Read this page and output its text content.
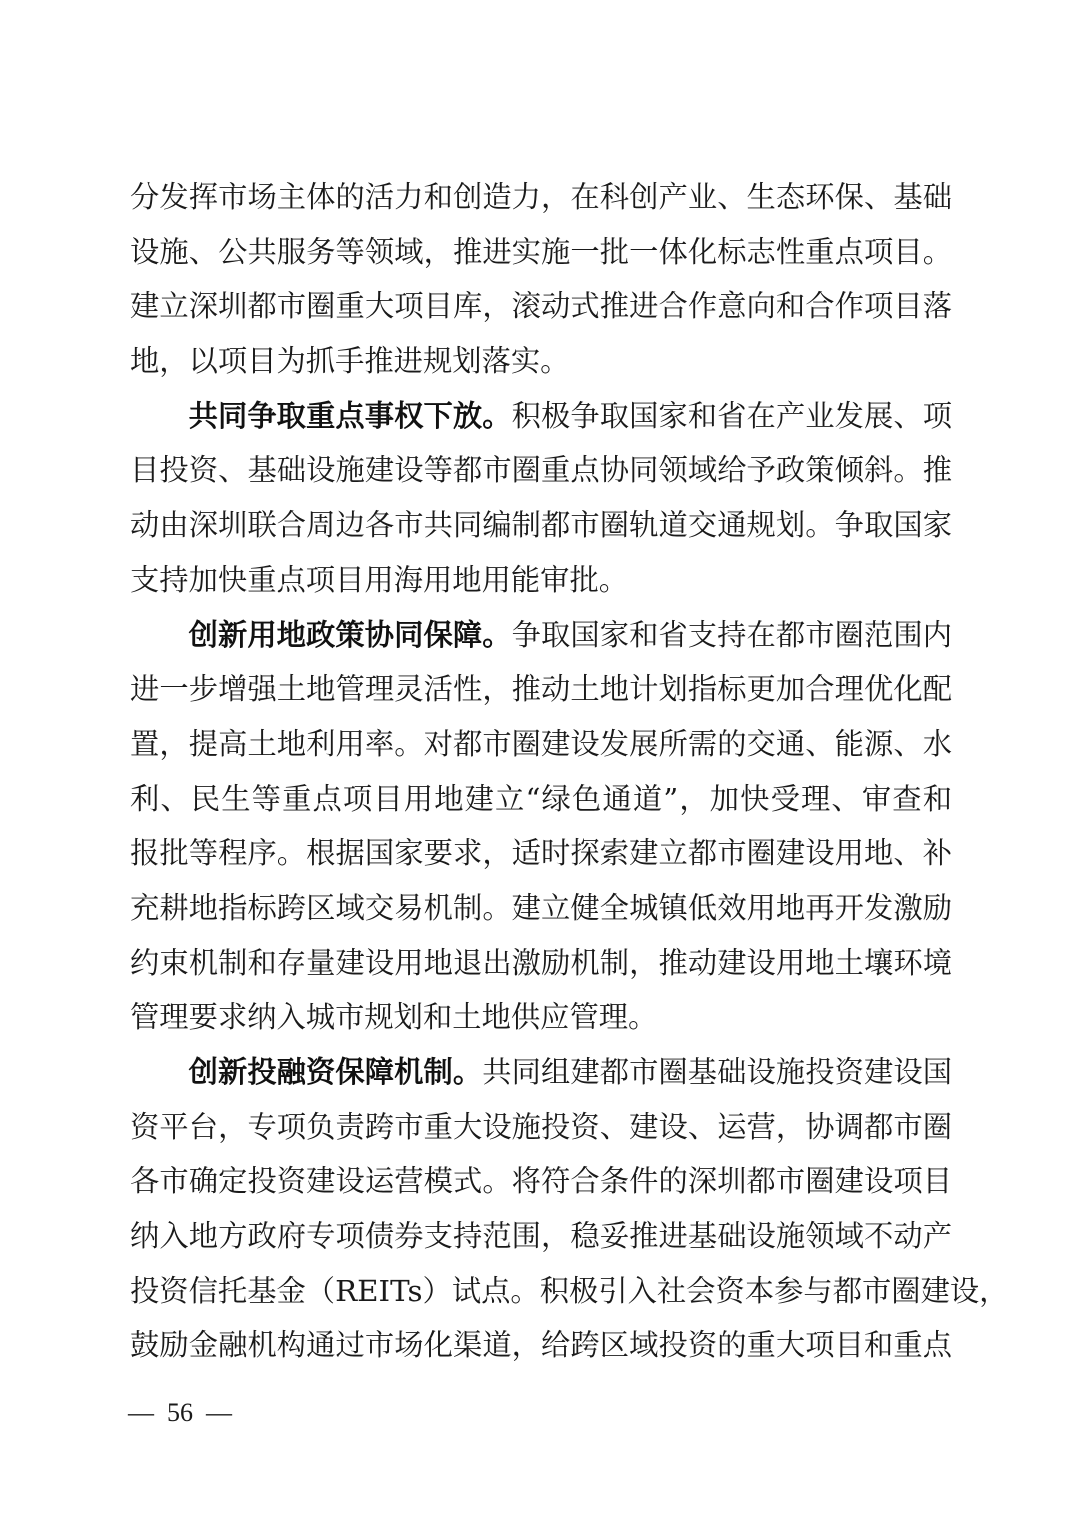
分发挥市场主体的活力和创造力，在科创产业、生态环保、基础
设施、公共服务等领域，推进实施一批一体化标志性重点项目。
建立深圳都市圈重大项目库，滚动式推进合作意向和合作项目落
地，以项目为抓手推进规划落实。
共同争取重点事权下放。积极争取国家和省在产业发展、项
目投资、基础设施建设等都市圈重点协同领域给予政策倾斜。推
动由深圳联合周边各市共同编制都市圈轨道交通规划。争取国家
支持加快重点项目用海用地用能审批。
创新用地政策协同保障。争取国家和省支持在都市圈范围内
进一步增强土地管理灵活性，推动土地计划指标更加合理优化配
置，提高土地利用率。对都市圈建设发展所需的交通、能源、水
利、民生等重点项目用地建立“绿色通道”，加快受理、审查和
报批等程序。根据国家要求，适时探索建立都市圈建设用地、补
充耕地指标跨区域交易机制。建立健全城镇低效用地再开发激励
约束机制和存量建设用地退出激励机制，推动建设用地土壤环境
管理要求纳入城市规划和土地供应管理。
创新投融资保障机制。共同组建都市圈基础设施投资建设国
资平台，专项负责跨市重大设施投资、建设、运营，协调都市圈
各市确定投资建设运营模式。将符合条件的深圳都市圈建设项目
纳入地方政府专项债券支持范围，稳妥推进基础设施领域不动产
投资信托基金（REITs）试点。积极引入社会资本参与都市圈建设，
鼓励金融机构通过市场化渠道，给跨区域投资的重大项目和重点
—  56  —
